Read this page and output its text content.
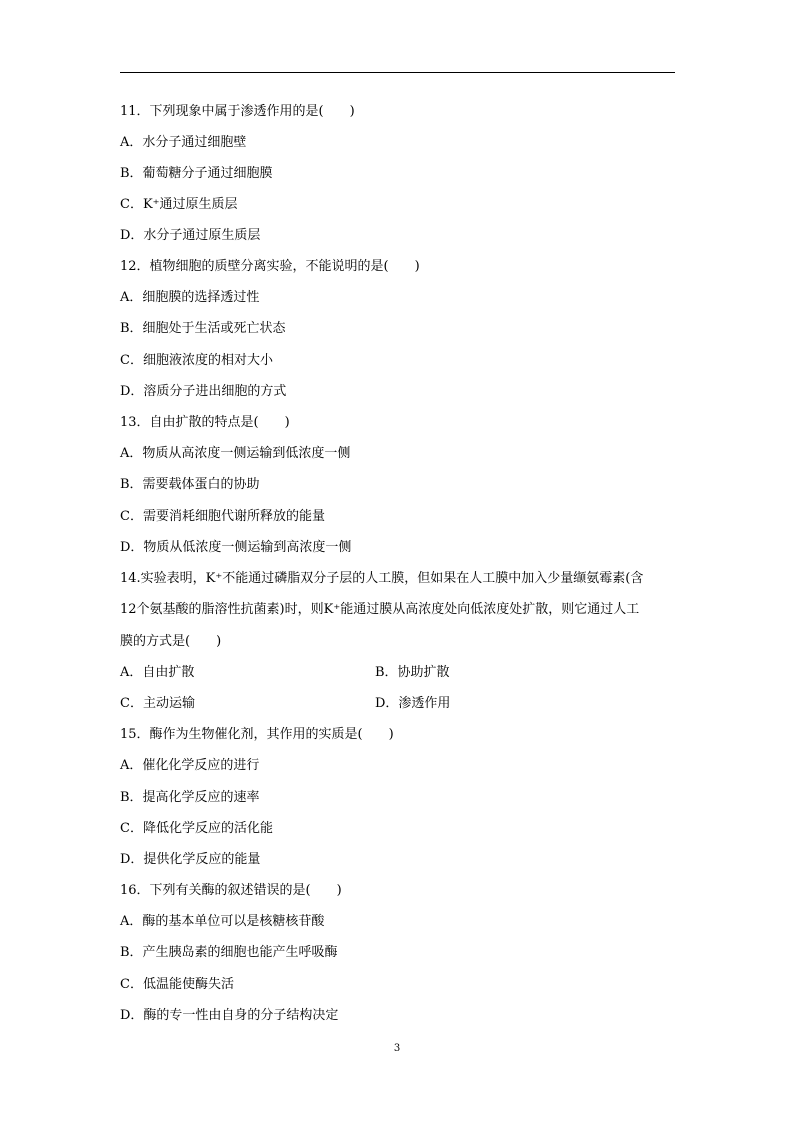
11．下列现象中属于渗透作用的是(　　)
A．水分子通过细胞壁
B．葡萄糖分子通过细胞膜
C．K⁺通过原生质层
D．水分子通过原生质层
12．植物细胞的质壁分离实验，不能说明的是(　　)
A．细胞膜的选择透过性
B．细胞处于生活或死亡状态
C．细胞液浓度的相对大小
D．溶质分子进出细胞的方式
13．自由扩散的特点是(　　)
A．物质从高浓度一侧运输到低浓度一侧
B．需要载体蛋白的协助
C．需要消耗细胞代谢所释放的能量
D．物质从低浓度一侧运输到高浓度一侧
14.实验表明，K⁺不能通过磷脂双分子层的人工膜，但如果在人工膜中加入少量缬氨霉素(含
12个氨基酸的脂溶性抗菌素)时，则K⁺能通过膜从高浓度处向低浓度处扩散，则它通过人工
膜的方式是(　　)
A．自由扩散	B．协助扩散
C．主动运输	D．渗透作用
15．酶作为生物催化剂，其作用的实质是(　　)
A．催化化学反应的进行
B．提高化学反应的速率
C．降低化学反应的活化能
D．提供化学反应的能量
16．下列有关酶的叙述错误的是(　　)
A．酶的基本单位可以是核糖核苷酸
B．产生胰岛素的细胞也能产生呼吸酶
C．低温能使酶失活
D．酶的专一性由自身的分子结构决定
3
